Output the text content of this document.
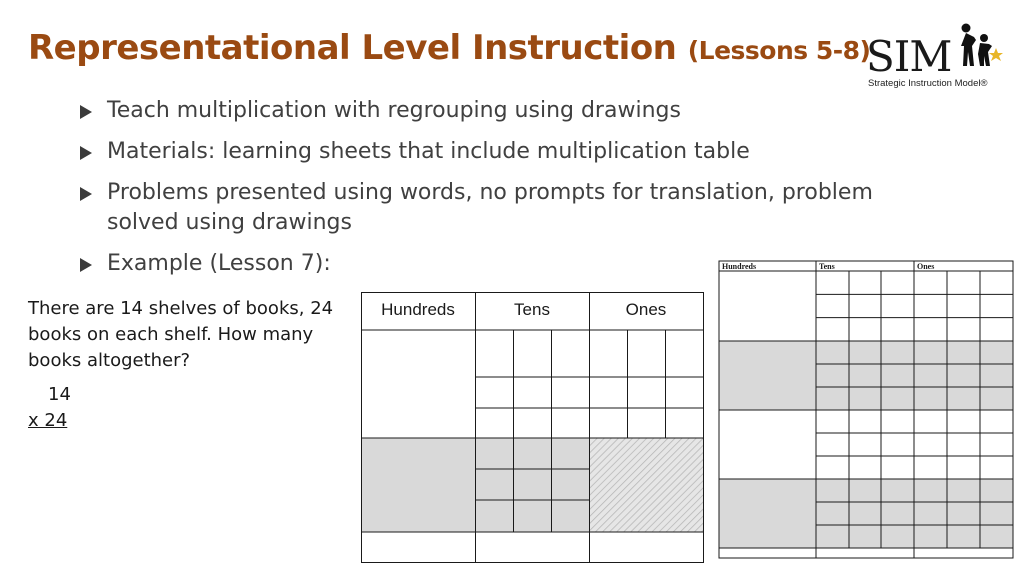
Representational Level Instruction (Lessons 5-8)
SIM
Strategic Instruction Model®
Teach multiplication with regrouping using drawings
Materials: learning sheets that include multiplication table
Problems presented using words, no prompts for translation, problem solved using drawings
Example (Lesson 7):

There are 14 shelves of books, 24 books on each shelf. How many books altogether?

14
x 24
Hundreds	Tens	Ones
Hundreds	Tens	Ones
